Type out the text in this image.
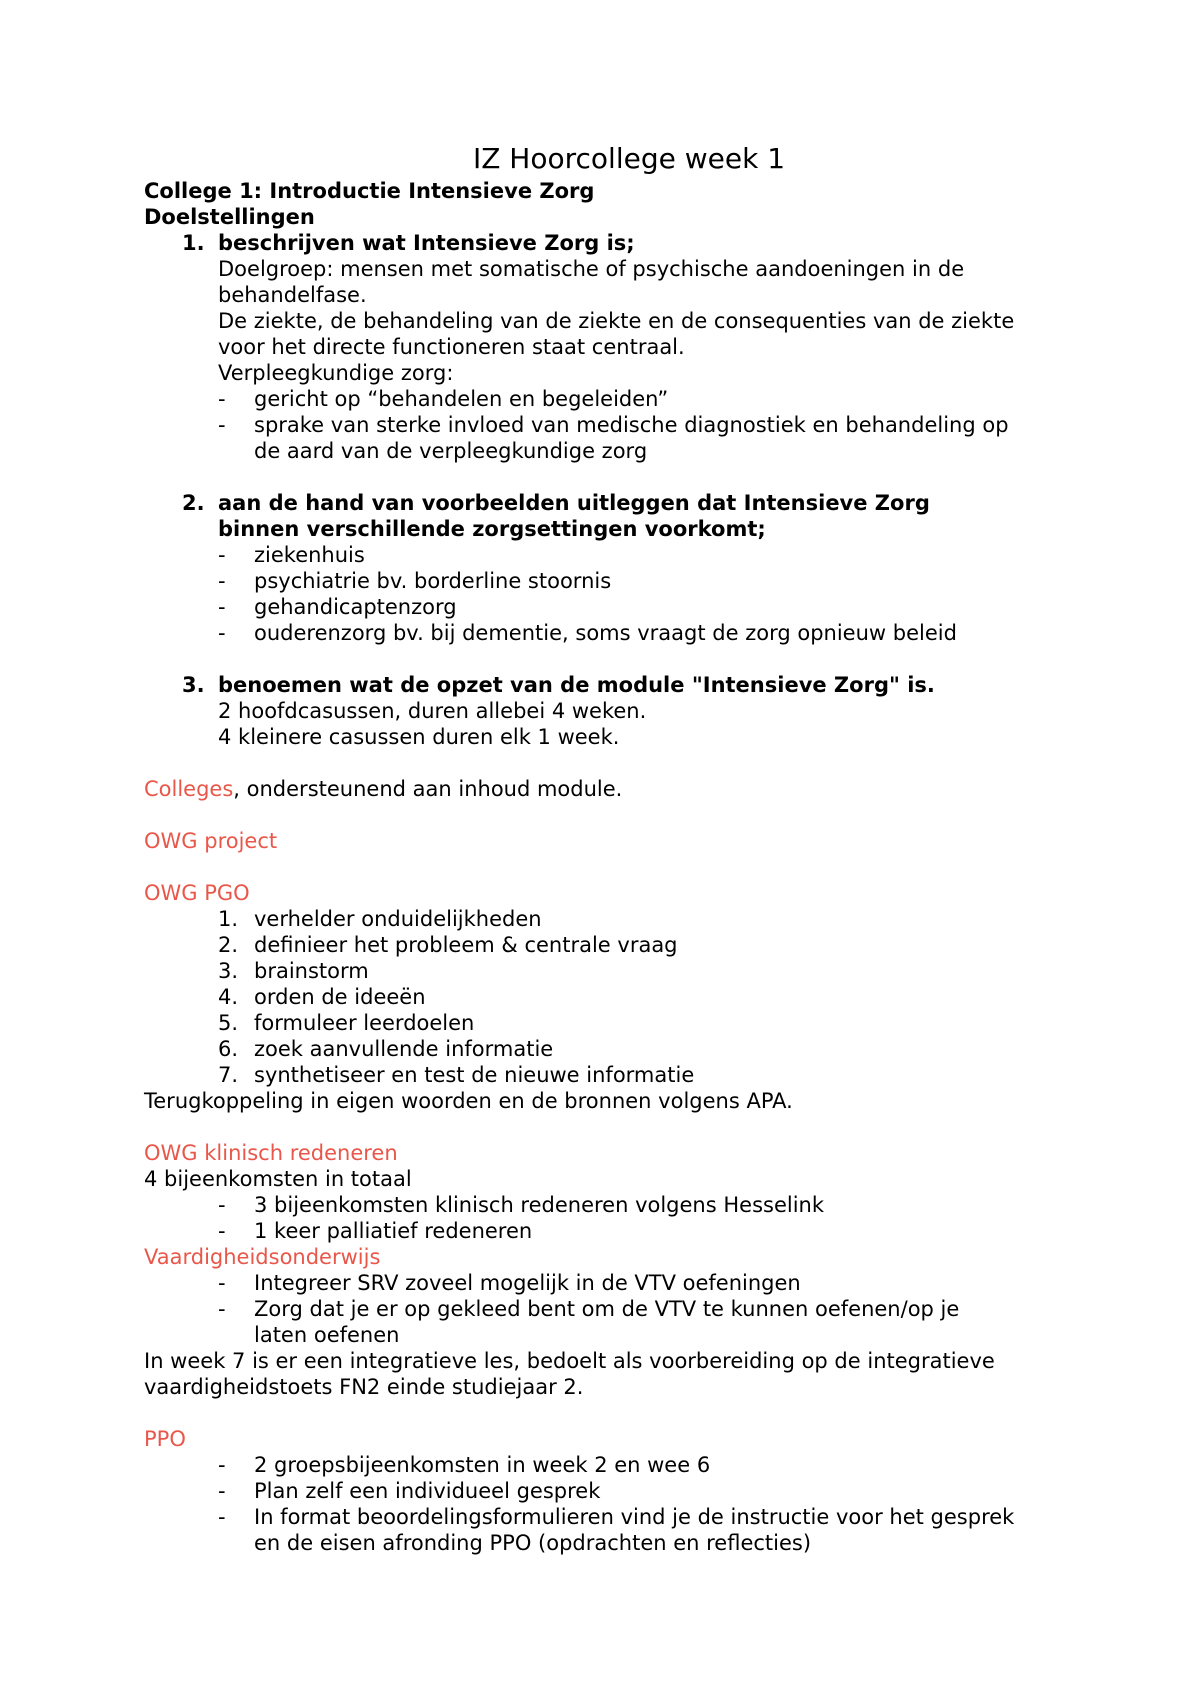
IZ Hoorcollege week 1
College 1: Introductie Intensieve Zorg
Doelstellingen
1. beschrijven wat Intensieve Zorg is;
Doelgroep: mensen met somatische of psychische aandoeningen in de
behandelfase.
De ziekte, de behandeling van de ziekte en de consequenties van de ziekte
voor het directe functioneren staat centraal.
Verpleegkundige zorg:
- gericht op “behandelen en begeleiden”
- sprake van sterke invloed van medische diagnostiek en behandeling op
de aard van de verpleegkundige zorg
2. aan de hand van voorbeelden uitleggen dat Intensieve Zorg
binnen verschillende zorgsettingen voorkomt;
- ziekenhuis
- psychiatrie bv. borderline stoornis
- gehandicaptenzorg
- ouderenzorg bv. bij dementie, soms vraagt de zorg opnieuw beleid
3. benoemen wat de opzet van de module "Intensieve Zorg" is.
2 hoofdcasussen, duren allebei 4 weken.
4 kleinere casussen duren elk 1 week.
Colleges, ondersteunend aan inhoud module.
OWG project
OWG PGO
1. verhelder onduidelijkheden
2. definieer het probleem & centrale vraag
3. brainstorm
4. orden de ideeën
5. formuleer leerdoelen
6. zoek aanvullende informatie
7. synthetiseer en test de nieuwe informatie
Terugkoppeling in eigen woorden en de bronnen volgens APA.
OWG klinisch redeneren
4 bijeenkomsten in totaal
- 3 bijeenkomsten klinisch redeneren volgens Hesselink
- 1 keer palliatief redeneren
Vaardigheidsonderwijs
- Integreer SRV zoveel mogelijk in de VTV oefeningen
- Zorg dat je er op gekleed bent om de VTV te kunnen oefenen/op je
laten oefenen
In week 7 is er een integratieve les, bedoelt als voorbereiding op de integratieve
vaardigheidstoets FN2 einde studiejaar 2.
PPO
- 2 groepsbijeenkomsten in week 2 en wee 6
- Plan zelf een individueel gesprek
- In format beoordelingsformulieren vind je de instructie voor het gesprek
en de eisen afronding PPO (opdrachten en reflecties)
